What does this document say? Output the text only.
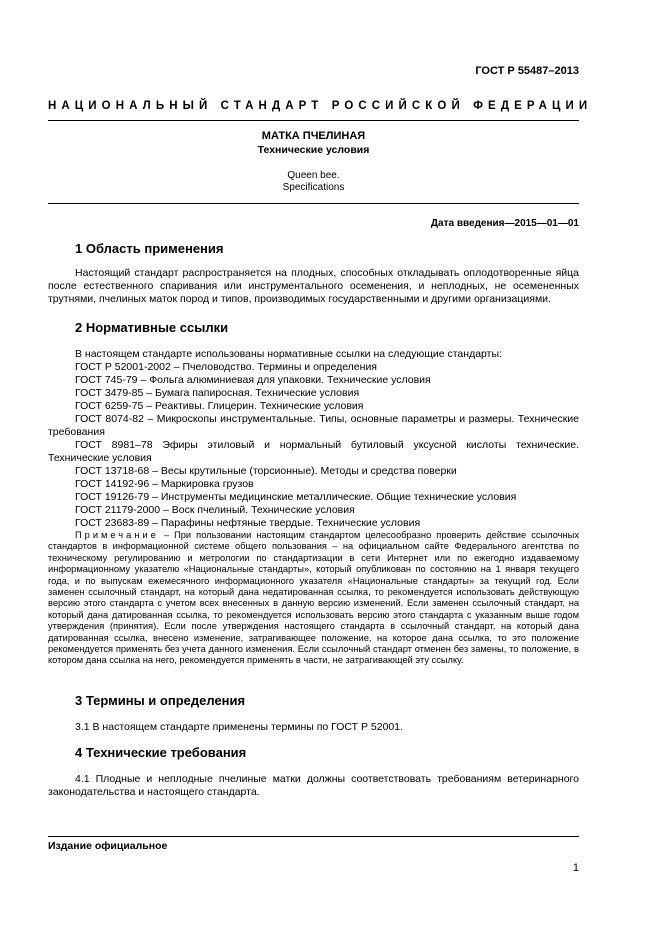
ГОСТ Р 55487–2013
НАЦИОНАЛЬНЫЙ СТАНДАРТ РОССИЙСКОЙ ФЕДЕРАЦИИ
МАТКА ПЧЕЛИНАЯ
Технические условия
Queen bee.
Specifications
Дата введения—2015—01—01
1 Область применения
Настоящий стандарт распространяется на плодных, способных откладывать оплодотворенные яйца после естественного спаривания или инструментального осеменения, и неплодных, не осемененных трутнями, пчелиных маток пород и типов, производимых государственными и другими организациями.
2 Нормативные ссылки
В настоящем стандарте использованы нормативные ссылки на следующие стандарты:
ГОСТ Р 52001-2002 – Пчеловодство. Термины и определения
ГОСТ 745-79 – Фольга алюминиевая для упаковки. Технические условия
ГОСТ 3479-85 – Бумага папиросная. Технические условия
ГОСТ 6259-75 – Реактивы. Глицерин. Технические условия
ГОСТ 8074-82 – Микроскопы инструментальные. Типы, основные параметры и размеры. Технические требования
ГОСТ 8981–78 Эфиры этиловый и нормальный бутиловый уксусной кислоты технические. Технические условия
ГОСТ 13718-68 – Весы крутильные (торсионные). Методы и средства поверки
ГОСТ 14192-96 – Маркировка грузов
ГОСТ 19126-79 – Инструменты медицинские металлические. Общие технические условия
ГОСТ 21179-2000 – Воск пчелиный. Технические условия
ГОСТ 23683-89 – Парафины нефтяные твердые. Технические условия
Примечание – При пользовании настоящим стандартом целесообразно проверить действие ссылочных стандартов в информационной системе общего пользования – на официальном сайте Федерального агентства по техническому регулированию и метрологии по стандартизации в сети Интернет или по ежегодно издаваемому информационному указателю «Национальные стандарты», который опубликован по состоянию на 1 января текущего года, и по выпускам ежемесячного информационного указателя «Национальные стандарты» за текущий год. Если заменен ссылочный стандарт, на который дана недатированная ссылка, то рекомендуется использовать действующую версию этого стандарта с учетом всех внесенных в данную версию изменений. Если заменен ссылочный стандарт, на который дана датированная ссылка, то рекомендуется использовать версию этого стандарта с указанным выше годом утверждения (принятия). Если после утверждения настоящего стандарта в ссылочный стандарт, на который дана датированная ссылка, внесено изменение, затрагивающее положение, на которое дана ссылка, то это положение рекомендуется применять без учета данного изменения. Если ссылочный стандарт отменен без замены, то положение, в котором дана ссылка на него, рекомендуется применять в части, не затрагивающей эту ссылку.
3 Термины и определения
3.1 В настоящем стандарте применены термины по ГОСТ Р 52001.
4 Технические требования
4.1 Плодные и неплодные пчелиные матки должны соответствовать требованиям ветеринарного законодательства и настоящего стандарта.
Издание официальное
1
